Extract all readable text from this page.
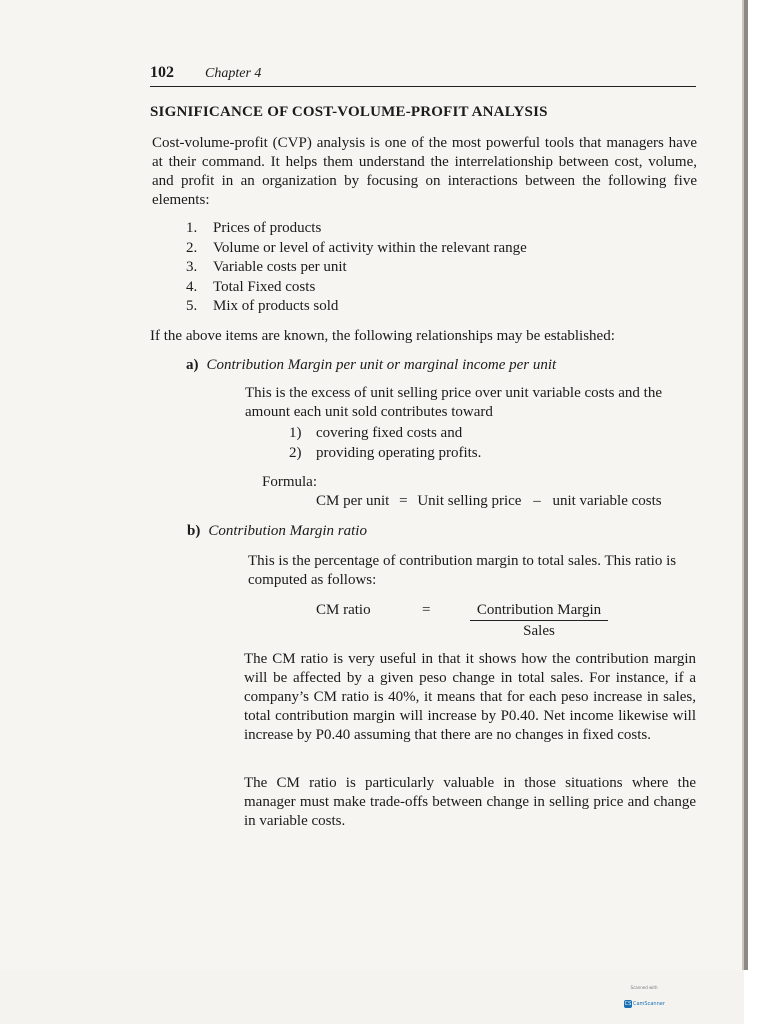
102 Chapter 4
SIGNIFICANCE OF COST-VOLUME-PROFIT ANALYSIS
Cost-volume-profit (CVP) analysis is one of the most powerful tools that managers have at their command. It helps them understand the interrelationship between cost, volume, and profit in an organization by focusing on interactions between the following five elements:
1.	Prices of products
2.	Volume or level of activity within the relevant range
3.	Variable costs per unit
4.	Total Fixed costs
5.	Mix of products sold
If the above items are known, the following relationships may be established:
a) Contribution Margin per unit or marginal income per unit
This is the excess of unit selling price over unit variable costs and the amount each unit sold contributes toward
1) covering fixed costs and
2) providing operating profits.
Formula:
CM per unit = Unit selling price – unit variable costs
b) Contribution Margin ratio
This is the percentage of contribution margin to total sales. This ratio is computed as follows:
CM ratio	=	Contribution Margin
Sales
The CM ratio is very useful in that it shows how the contribution margin will be affected by a given peso change in total sales. For instance, if a company’s CM ratio is 40%, it means that for each peso increase in sales, total contribution margin will increase by P0.40. Net income likewise will increase by P0.40 assuming that there are no changes in fixed costs.
The CM ratio is particularly valuable in those situations where the manager must make trade-offs between change in selling price and change in variable costs.
Scanned with
CS CamScanner
